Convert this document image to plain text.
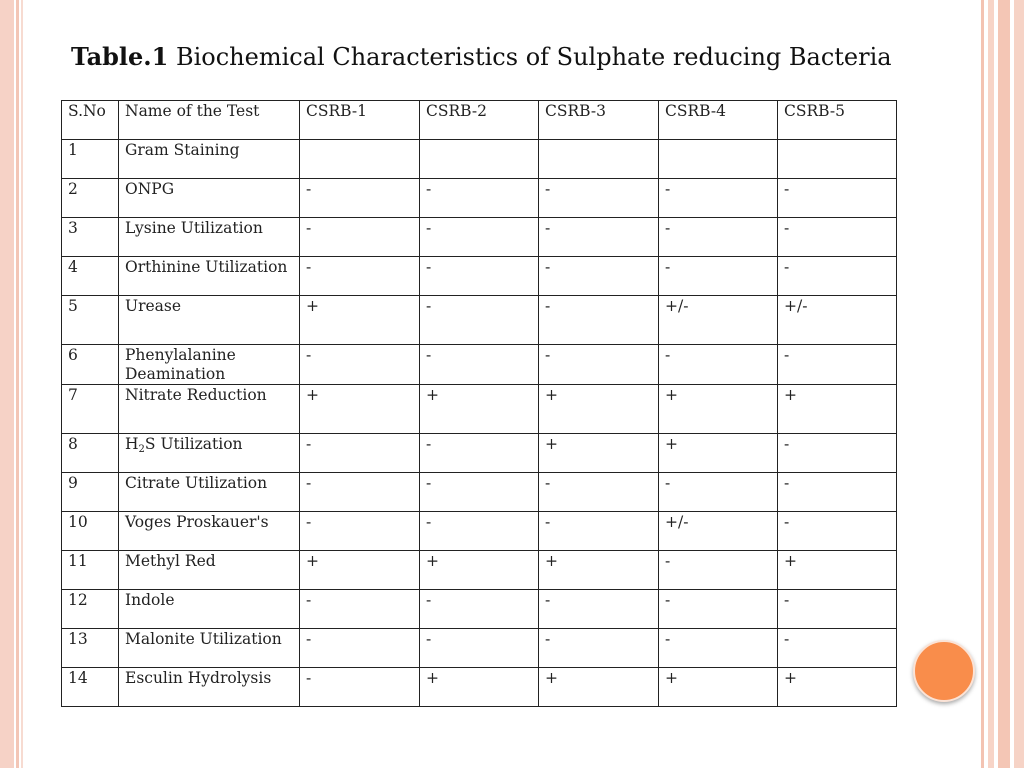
Table.1 Biochemical Characteristics of Sulphate reducing Bacteria
S.No	Name of the Test	CSRB-1	CSRB-2	CSRB-3	CSRB-4	CSRB-5
1	Gram Staining					
2	ONPG	-	-	-	-	-
3	Lysine Utilization	-	-	-	-	-
4	Orthinine Utilization	-	-	-	-	-
5	Urease	+	-	-	+/-	+/-
6	Phenylalanine Deamination	-	-	-	-	-
7	Nitrate Reduction	+	+	+	+	+
8	$H_2S$ Utilization	-	-	+	+	-
9	Citrate Utilization	-	-	-	-	-
10	Voges Proskauer's	-	-	-	+/-	-
11	Methyl Red	+	+	+	-	+
12	Indole	-	-	-	-	-
13	Malonite Utilization	-	-	-	-	-
14	Esculin Hydrolysis	-	+	+	+	+
